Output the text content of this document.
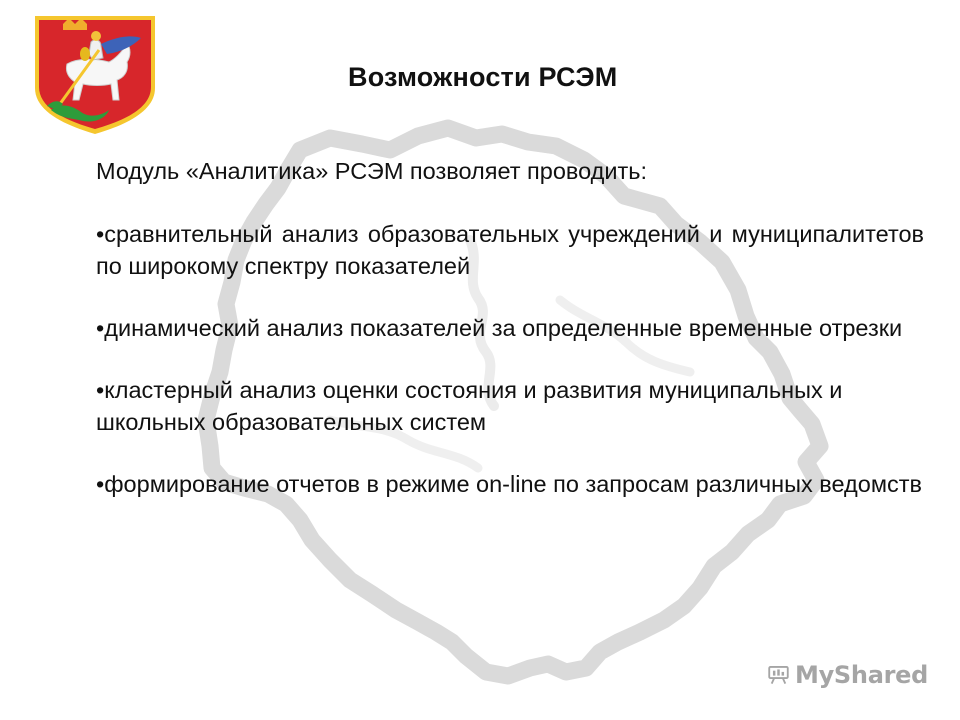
Возможности РСЭМ

Модуль «Аналитика» РСЭМ позволяет проводить:

•сравнительный анализ образовательных учреждений и муниципалитетов по широкому спектру показателей

•динамический анализ показателей за определенные временные отрезки

•кластерный анализ оценки состояния и развития муниципальных и школьных образовательных систем

•формирование отчетов в режиме on-line по запросам различных ведомств

MyShared
